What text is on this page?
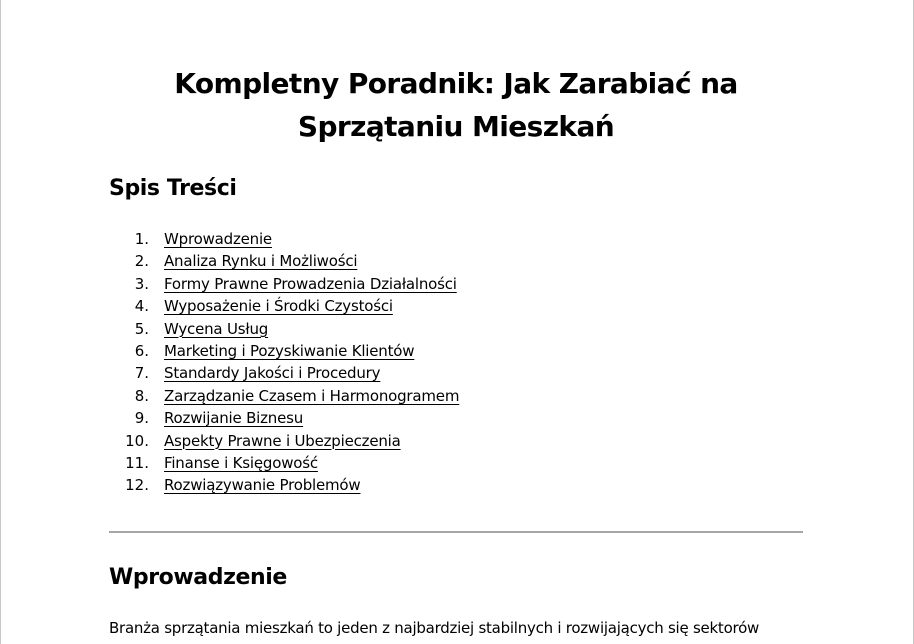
Kompletny Poradnik: Jak Zarabiać na
Sprzątaniu Mieszkań
Spis Treści
1. Wprowadzenie
2. Analiza Rynku i Możliwości
3. Formy Prawne Prowadzenia Działalności
4. Wyposażenie i Środki Czystości
5. Wycena Usług
6. Marketing i Pozyskiwanie Klientów
7. Standardy Jakości i Procedury
8. Zarządzanie Czasem i Harmonogramem
9. Rozwijanie Biznesu
10. Aspekty Prawne i Ubezpieczenia
11. Finanse i Księgowość
12. Rozwiązywanie Problemów
Wprowadzenie

Branża sprzątania mieszkań to jeden z najbardziej stabilnych i rozwijających się sektorów
